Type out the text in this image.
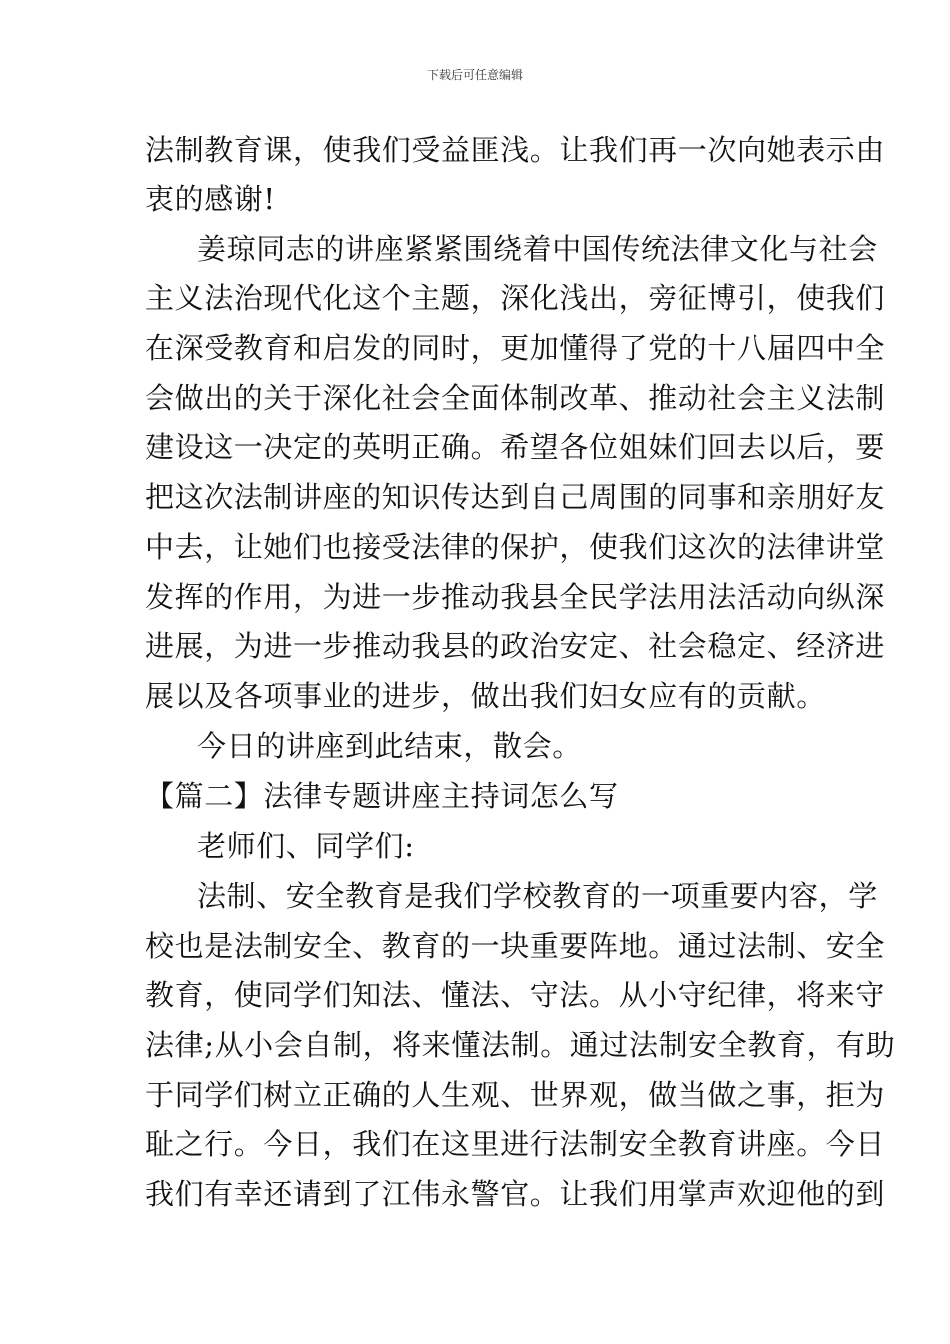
下载后可任意编辑
法制教育课，使我们受益匪浅。让我们再一次向她表示由
衷的感谢!
姜琼同志的讲座紧紧围绕着中国传统法律文化与社会
主义法治现代化这个主题，深化浅出，旁征博引，使我们
在深受教育和启发的同时，更加懂得了党的十八届四中全
会做出的关于深化社会全面体制改革、推动社会主义法制
建设这一决定的英明正确。希望各位姐妹们回去以后，要
把这次法制讲座的知识传达到自己周围的同事和亲朋好友
中去，让她们也接受法律的保护，使我们这次的法律讲堂
发挥的作用，为进一步推动我县全民学法用法活动向纵深
进展，为进一步推动我县的政治安定、社会稳定、经济进
展以及各项事业的进步，做出我们妇女应有的贡献。
今日的讲座到此结束，散会。
【篇二】法律专题讲座主持词怎么写
老师们、同学们:
法制、安全教育是我们学校教育的一项重要内容，学
校也是法制安全、教育的一块重要阵地。通过法制、安全
教育，使同学们知法、懂法、守法。从小守纪律，将来守
法律;从小会自制，将来懂法制。通过法制安全教育，有助
于同学们树立正确的人生观、世界观，做当做之事，拒为
耻之行。今日，我们在这里进行法制安全教育讲座。今日
我们有幸还请到了江伟永警官。让我们用掌声欢迎他的到
